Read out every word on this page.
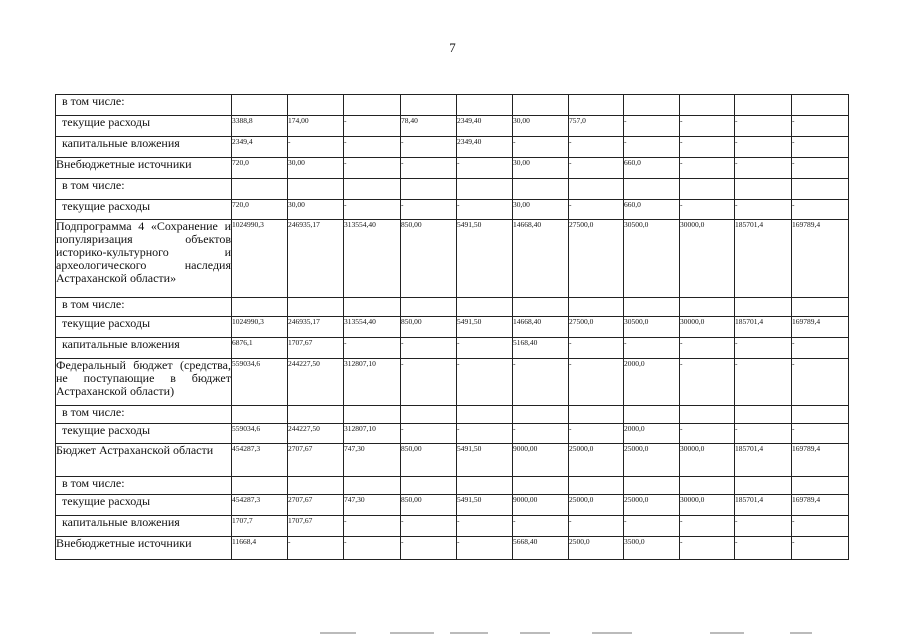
7
в том числе:											
текущие расходы	3388,8	174,00	-	78,40	2349,40	30,00	757,0	-	-	-	-
капитальные вложения	2349,4	-	-	-	2349,40	-	-	-	-	-	-
Внебюджетные источники	720,0	30,00	-	-	-	30,00	-	660,0	-	-	-
в том числе:											
текущие расходы	720,0	30,00	-	-	-	30,00	-	660,0	-	-	-
Подпрограмма 4 «Сохранение и популяризация объектов историко-культурного и археологического наследия Астраханской области»	1024990,3	246935,17	313554,40	850,00	5491,50	14668,40	27500,0	30500,0	30000,0	185701,4	169789,4
в том числе:											
текущие расходы	1024990,3	246935,17	313554,40	850,00	5491,50	14668,40	27500,0	30500,0	30000,0	185701,4	169789,4
капитальные вложения	6876,1	1707,67	-	-	-	5168,40	-	-	-	-	-
Федеральный бюджет (средства, не поступающие в бюджет Астраханской области)	559034,6	244227,50	312807,10	-	-	-	-	2000,0	-	-	-
в том числе:											
текущие расходы	559034,6	244227,50	312807,10	-	-	-	-	2000,0	-	-	-
Бюджет Астраханской области	454287,3	2707,67	747,30	850,00	5491,50	9000,00	25000,0	25000,0	30000,0	185701,4	169789,4
в том числе:											
текущие расходы	454287,3	2707,67	747,30	850,00	5491,50	9000,00	25000,0	25000,0	30000,0	185701,4	169789,4
капитальные вложения	1707,7	1707,67	-	-	-	-	-	-	-	-	-
Внебюджетные источники	11668,4	-	-	-	-	5668,40	2500,0	3500,0	-	-	-
